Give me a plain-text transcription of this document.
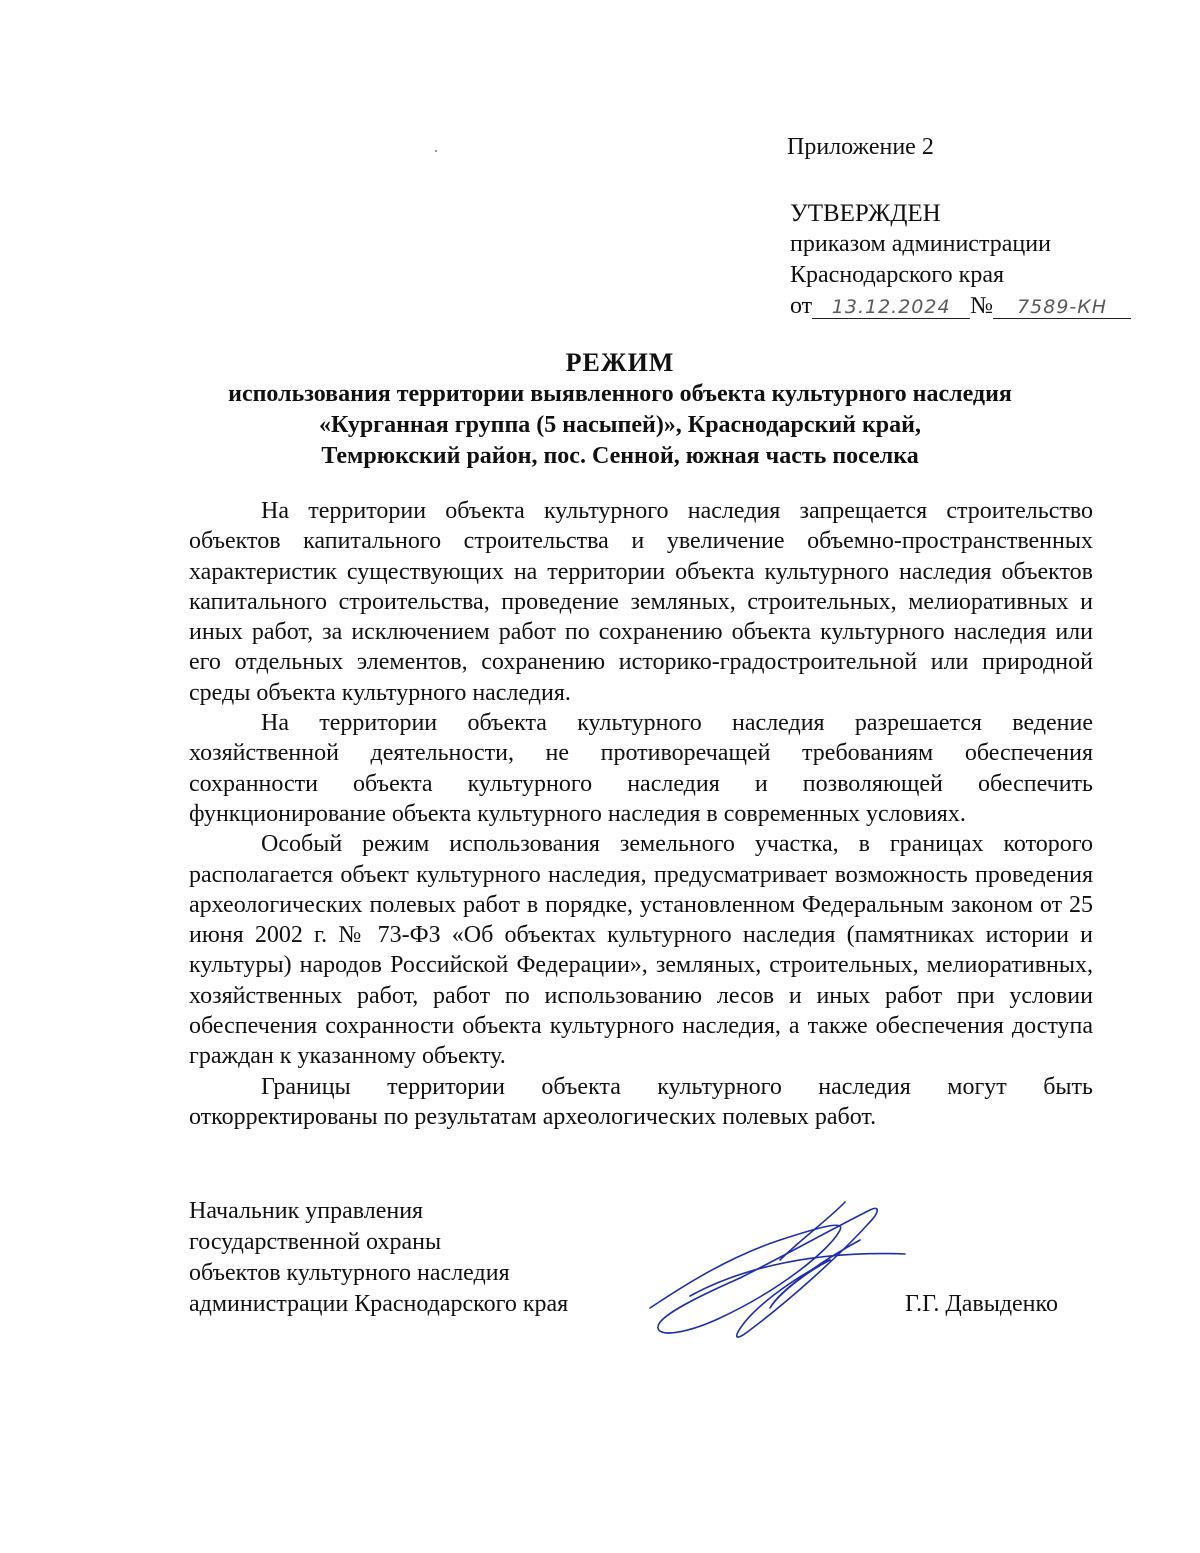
Приложение 2
УТВЕРЖДЕН
приказом администрации
Краснодарского края
от 13.12.2024 № 7589-КН
РЕЖИМ
использования территории выявленного объекта культурного наследия
«Курганная группа (5 насыпей)», Краснодарский край,
Темрюкский район, пос. Сенной, южная часть поселка

На территории объекта культурного наследия запрещается строительство объектов капитального строительства и увеличение объемно-пространственных характеристик существующих на территории объекта культурного наследия объектов капитального строительства, проведение земляных, строительных, мелиоративных и иных работ, за исключением работ по сохранению объекта культурного наследия или его отдельных элементов, сохранению историко-градостроительной или природной среды объекта культурного наследия.

На территории объекта культурного наследия разрешается ведение хозяйственной деятельности, не противоречащей требованиям обеспечения сохранности объекта культурного наследия и позволяющей обеспечить функционирование объекта культурного наследия в современных условиях.

Особый режим использования земельного участка, в границах которого располагается объект культурного наследия, предусматривает возможность проведения археологических полевых работ в порядке, установленном Федеральным законом от 25 июня 2002 г. № 73-ФЗ «Об объектах культурного наследия (памятниках истории и культуры) народов Российской Федерации», земляных, строительных, мелиоративных, хозяйственных работ, работ по использованию лесов и иных работ при условии обеспечения сохранности объекта культурного наследия, а также обеспечения доступа граждан к указанному объекту.

Границы территории объекта культурного наследия могут быть откорректированы по результатам археологических полевых работ.

Начальник управления
государственной охраны
объектов культурного наследия
администрации Краснодарского края	Г.Г. Давыденко
